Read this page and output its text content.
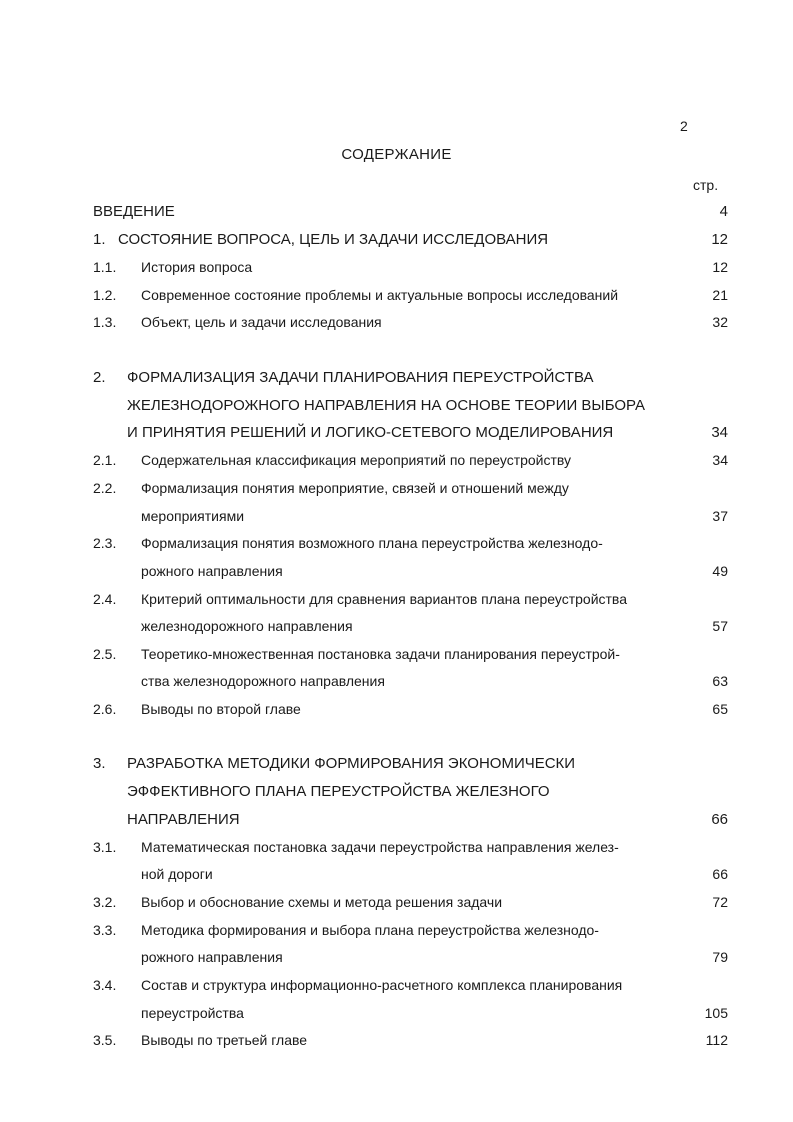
2
СОДЕРЖАНИЕ
стр.
ВВЕДЕНИЕ	4
1. СОСТОЯНИЕ ВОПРОСА, ЦЕЛЬ И ЗАДАЧИ ИССЛЕДОВАНИЯ	12
1.1. История вопроса	12
1.2. Современное состояние проблемы и актуальные вопросы исследований	21
1.3. Объект, цель и задачи исследования	32
2. ФОРМАЛИЗАЦИЯ ЗАДАЧИ ПЛАНИРОВАНИЯ ПЕРЕУСТРОЙСТВА
ЖЕЛЕЗНОДОРОЖНОГО НАПРАВЛЕНИЯ НА ОСНОВЕ ТЕОРИИ ВЫБОРА
И ПРИНЯТИЯ РЕШЕНИЙ И ЛОГИКО-СЕТЕВОГО МОДЕЛИРОВАНИЯ	34
2.1. Содержательная классификация мероприятий по переустройству	34
2.2. Формализация понятия мероприятие, связей и отношений между
мероприятиями	37
2.3. Формализация понятия возможного плана переустройства железнодо-
рожного направления	49
2.4. Критерий оптимальности для сравнения вариантов плана переустройства
железнодорожного направления	57
2.5. Теоретико-множественная постановка задачи планирования переустрой-
ства железнодорожного направления	63
2.6. Выводы по второй главе	65
3. РАЗРАБОТКА МЕТОДИКИ ФОРМИРОВАНИЯ ЭКОНОМИЧЕСКИ
ЭФФЕКТИВНОГО ПЛАНА ПЕРЕУСТРОЙСТВА ЖЕЛЕЗНОГО
НАПРАВЛЕНИЯ	66
3.1. Математическая постановка задачи переустройства направления желез-
ной дороги	66
3.2. Выбор и обоснование схемы и метода решения задачи	72
3.3. Методика формирования и выбора плана переустройства железнодо-
рожного направления	79
3.4. Состав и структура информационно-расчетного комплекса планирования
переустройства	105
3.5. Выводы по третьей главе	112
